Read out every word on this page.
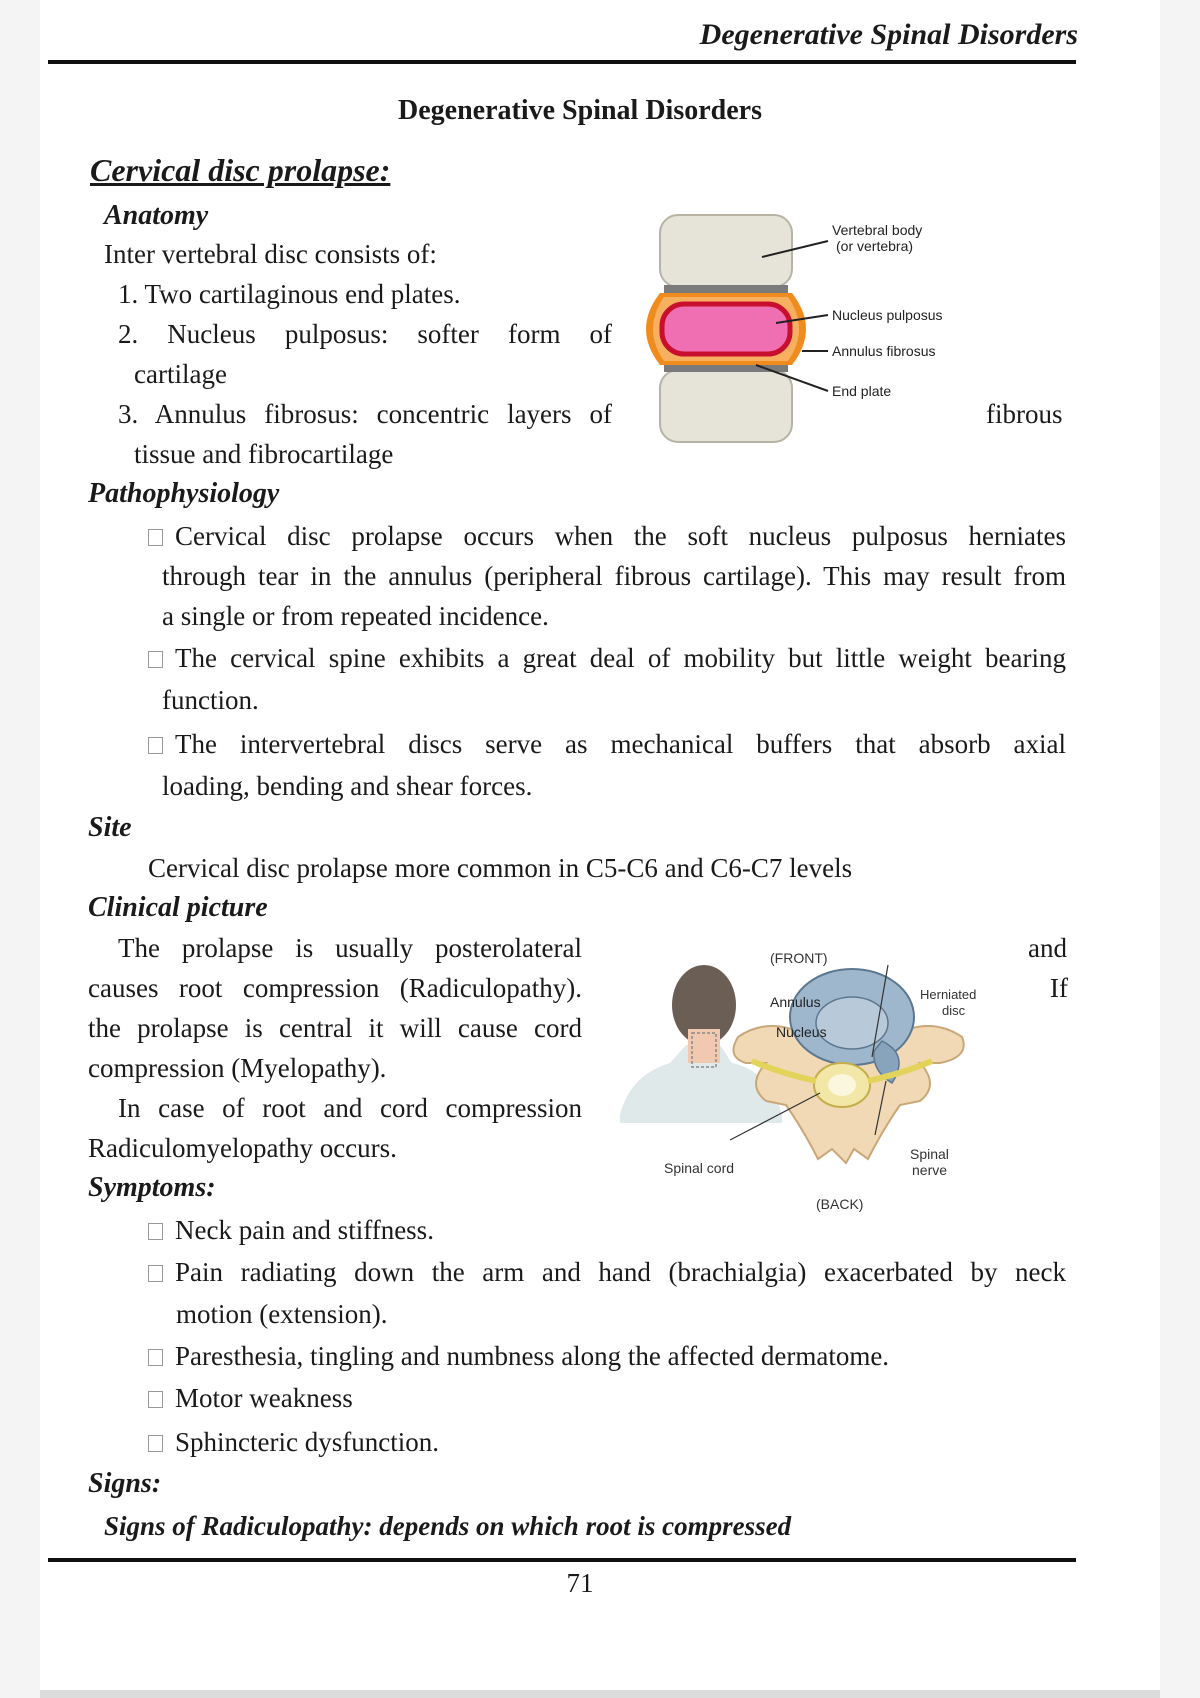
Degenerative Spinal Disorders
Degenerative Spinal Disorders
Cervical disc prolapse:
Anatomy
Inter vertebral disc consists of:
1. Two cartilaginous end plates.
2. Nucleus pulposus: softer form of
cartilage
3. Annulus fibrosus: concentric layers of	fibrous
tissue and fibrocartilage
Vertebral body
(or vertebra)
Nucleus pulposus
Annulus fibrosus
End plate
Pathophysiology
Cervical disc prolapse occurs when the soft nucleus pulposus herniates
through tear in the annulus (peripheral fibrous cartilage). This may result from
a single or from repeated incidence.
The cervical spine exhibits a great deal of mobility but little weight bearing
function.
The intervertebral discs serve as mechanical buffers that absorb axial
loading, bending and shear forces.
Site
Cervical disc prolapse more common in C5-C6 and C6-C7 levels
Clinical picture
The prolapse is usually posterolateral	and
causes root compression (Radiculopathy).	If
the prolapse is central it will cause cord
compression (Myelopathy).
In case of root and cord compression
Radiculomyelopathy occurs.
(FRONT)
Annulus
Nucleus
Herniated
disc
Spinal cord
Spinal
nerve
(BACK)
Symptoms:
Neck pain and stiffness.
Pain radiating down the arm and hand (brachialgia) exacerbated by neck
motion (extension).
Paresthesia, tingling and numbness along the affected dermatome.
Motor weakness
Sphincteric dysfunction.
Signs:
Signs of Radiculopathy: depends on which root is compressed
71
